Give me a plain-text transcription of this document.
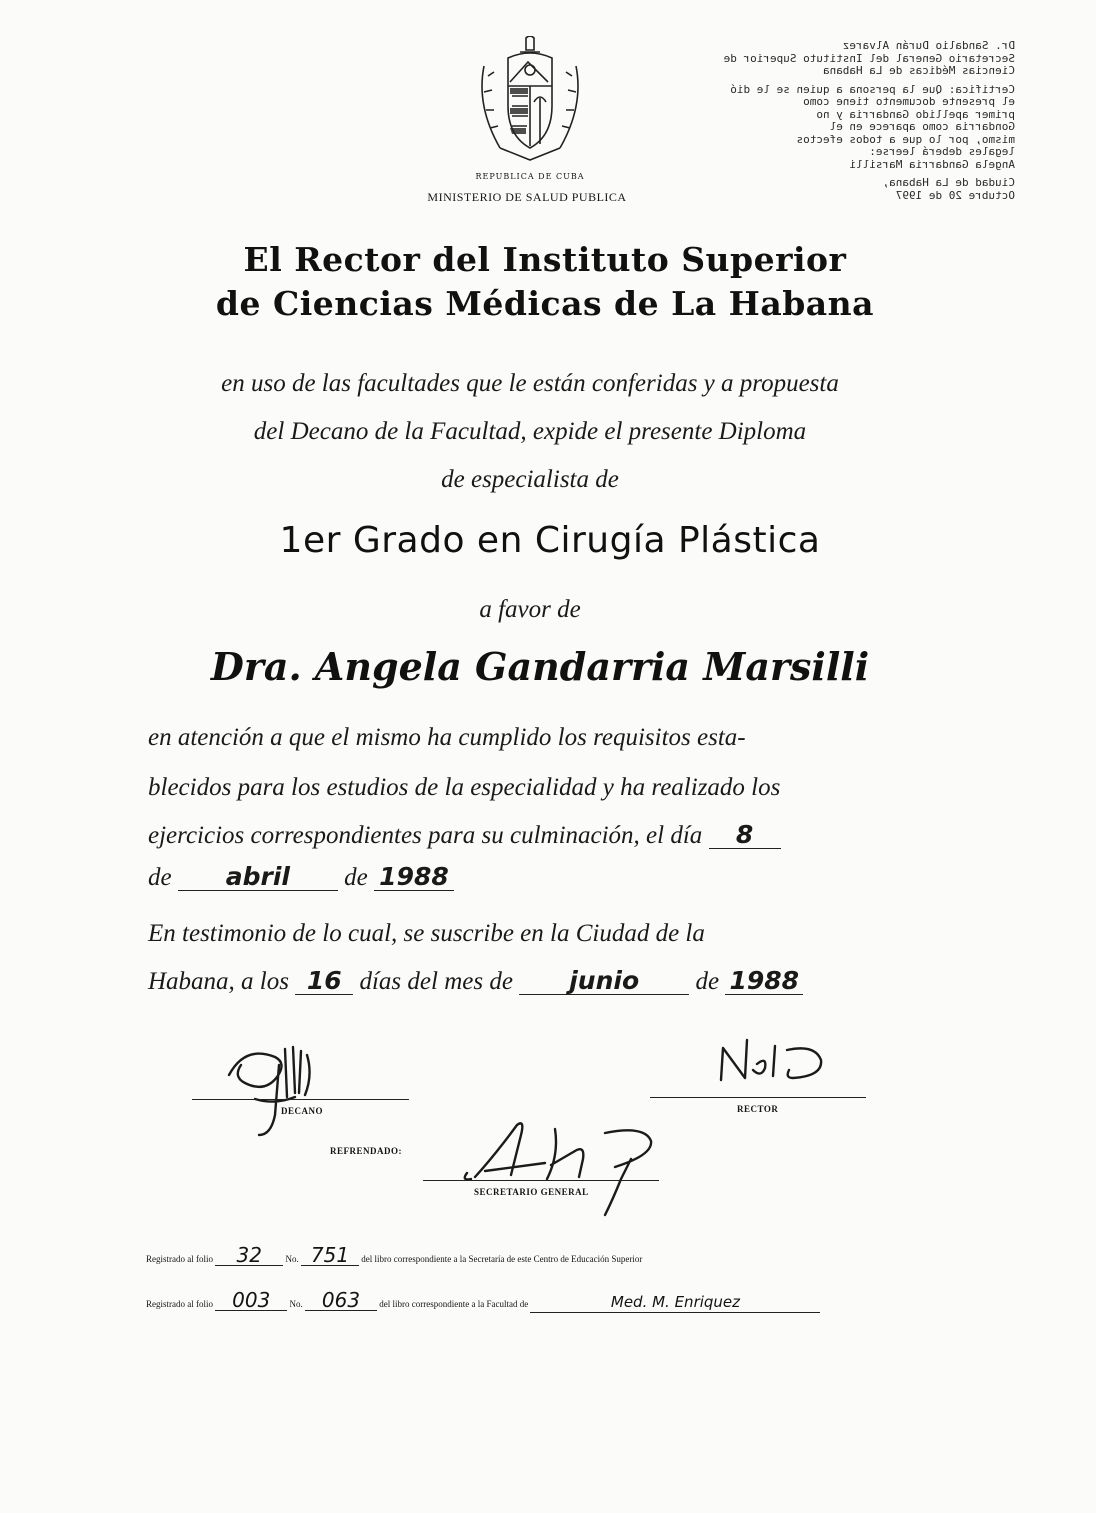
REPUBLICA DE CUBA
MINISTERIO DE SALUD PUBLICA

Dr. Sandalio Durán Alvarez
Secretario General del Instituto Superior de
Ciencias Médicas de La Habana

Certifica: Que la persona a quien se le dió
el presente documento tiene como
primer apellido Gandarria y no
Gondarria como aparece en el
mismo, por lo que a todos efectos
legales deberá leerse:
Angela Gandarria Marsilli

Ciudad de La Habana,
Octubre 20 de 1997

El Rector del Instituto Superior
de Ciencias Médicas de La Habana
en uso de las facultades que le están conferidas y a propuesta
del Decano de la Facultad, expide el presente Diploma
de especialista de
1er Grado en Cirugía Plástica
a favor de
Dra. Angela Gandarria Marsilli
en atención a que el mismo ha cumplido los requisitos esta-
blecidos para los estudios de la especialidad y ha realizado los
ejercicios correspondientes para su culminación, el día 8
de abril de 1988
En testimonio de lo cual, se suscribe en la Ciudad de la
Habana, a los 16 días del mes de junio de 1988
DECANO	RECTOR
REFRENDADO:
SECRETARIO GENERAL
Registrado al folio 32	No. 751 del libro correspondiente a la Secretaría de este Centro de Educación Superior
Registrado al folio 003 No. 063 del libro correspondiente a la Facultad de	Med. M. Enriquez
